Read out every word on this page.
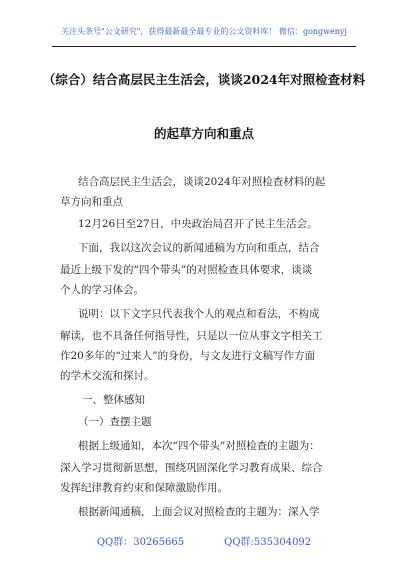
关注头条号"公文研究"，获得最新最全最专业的公文资料库！ 微信：gongwenyj
（综合）结合高层民主生活会，谈谈2024年对照检查材料
的起草方向和重点
结合高层民主生活会，谈谈2024年对照检查材料的起
草方向和重点
12月26日至27日，中央政治局召开了民主生活会。
下面，我以这次会议的新闻通稿为方向和重点，结合
最近上级下发的“四个带头”的对照检查具体要求，谈谈
个人的学习体会。
说明：以下文字只代表我个人的观点和看法，不构成
解读，也不具备任何指导性，只是以一位从事文字相关工
作20多年的“过来人”的身份，与文友进行文稿写作方面
的学术交流和探讨。
一、整体感知
（一）查摆主题
根据上级通知，本次“四个带头”对照检查的主题为：
深入学习贯彻新思想，围绕巩固深化学习教育成果、综合
发挥纪律教育约束和保障激励作用。
根据新闻通稿，上面会议对照检查的主题为：深入学
QQ群：30265665	QQ群:535304092
